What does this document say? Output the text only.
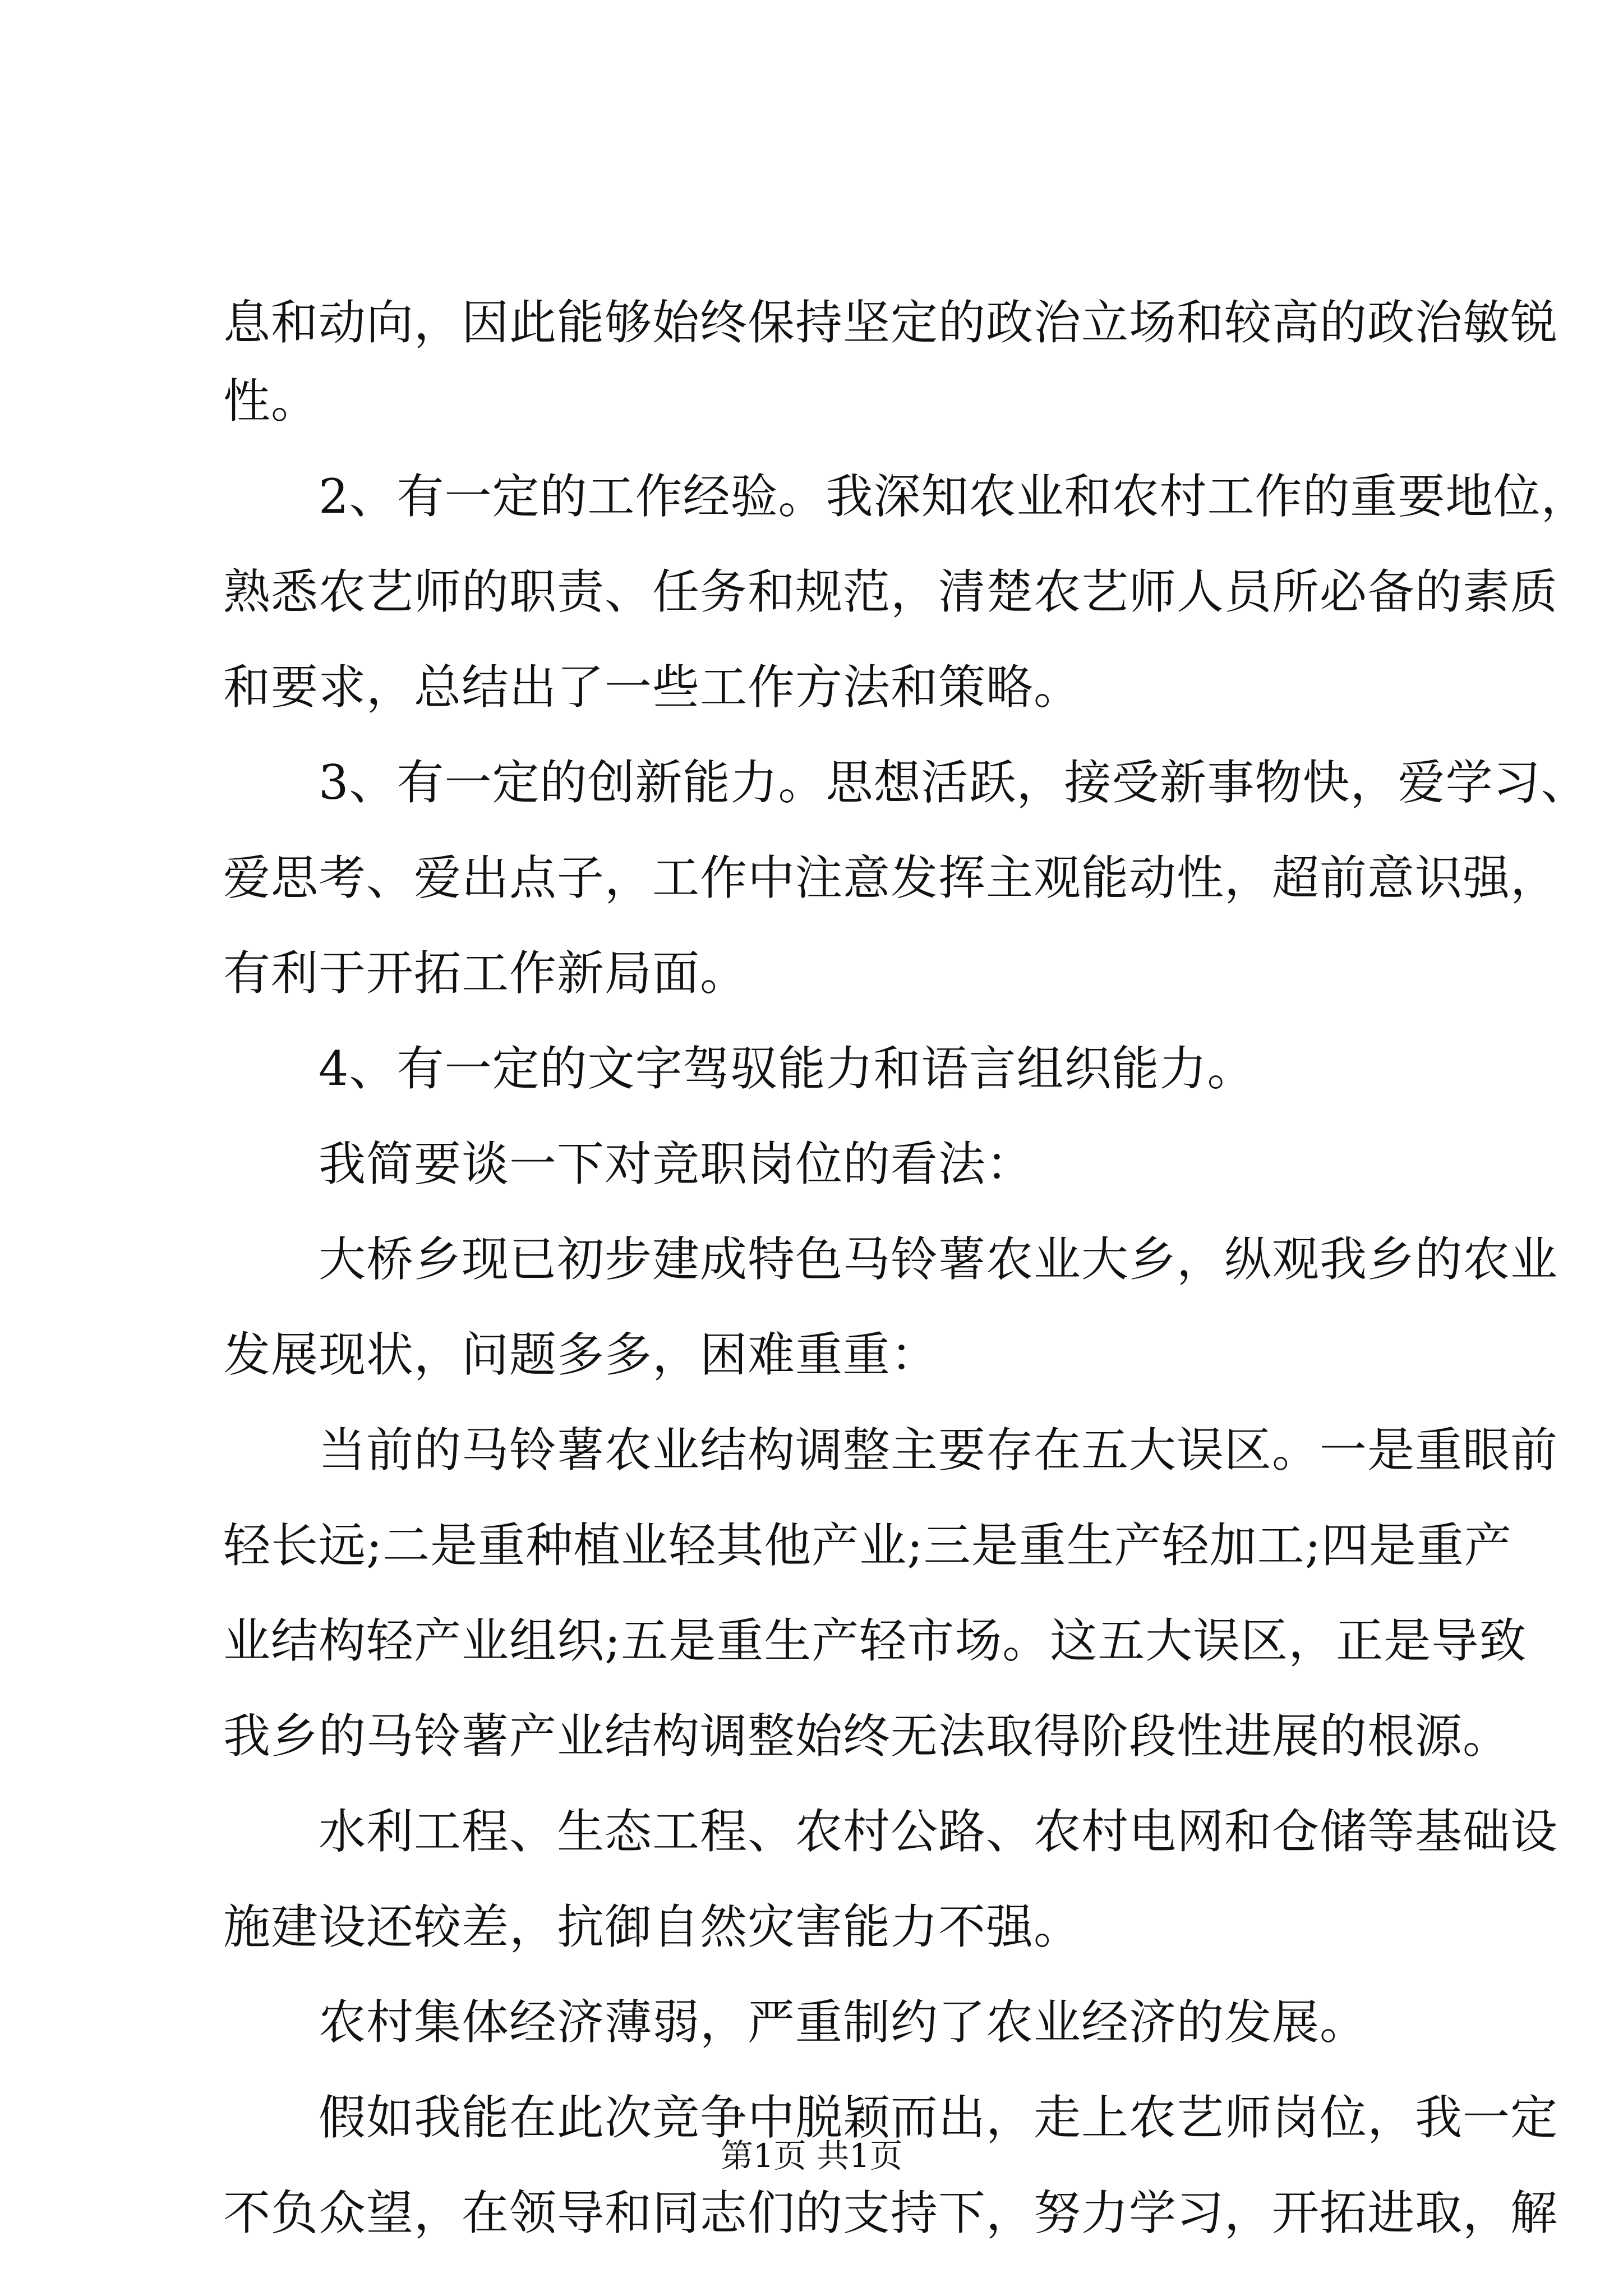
息和动向，因此能够始终保持坚定的政治立场和较高的政治敏锐
性。
2、有一定的工作经验。我深知农业和农村工作的重要地位，
熟悉农艺师的职责、任务和规范，清楚农艺师人员所必备的素质
和要求，总结出了一些工作方法和策略。
3、有一定的创新能力。思想活跃，接受新事物快，爱学习、
爱思考、爱出点子，工作中注意发挥主观能动性，超前意识强，
有利于开拓工作新局面。
4、有一定的文字驾驭能力和语言组织能力。
我简要谈一下对竞职岗位的看法：
大桥乡现已初步建成特色马铃薯农业大乡，纵观我乡的农业
发展现状，问题多多，困难重重：
当前的马铃薯农业结构调整主要存在五大误区。一是重眼前
轻长远;二是重种植业轻其他产业;三是重生产轻加工;四是重产
业结构轻产业组织;五是重生产轻市场。这五大误区，正是导致
我乡的马铃薯产业结构调整始终无法取得阶段性进展的根源。
水利工程、生态工程、农村公路、农村电网和仓储等基础设
施建设还较差，抗御自然灾害能力不强。
农村集体经济薄弱，严重制约了农业经济的发展。
假如我能在此次竞争中脱颖而出，走上农艺师岗位，我一定
不负众望，在领导和同志们的支持下，努力学习，开拓进取，解
第1页 共1页
